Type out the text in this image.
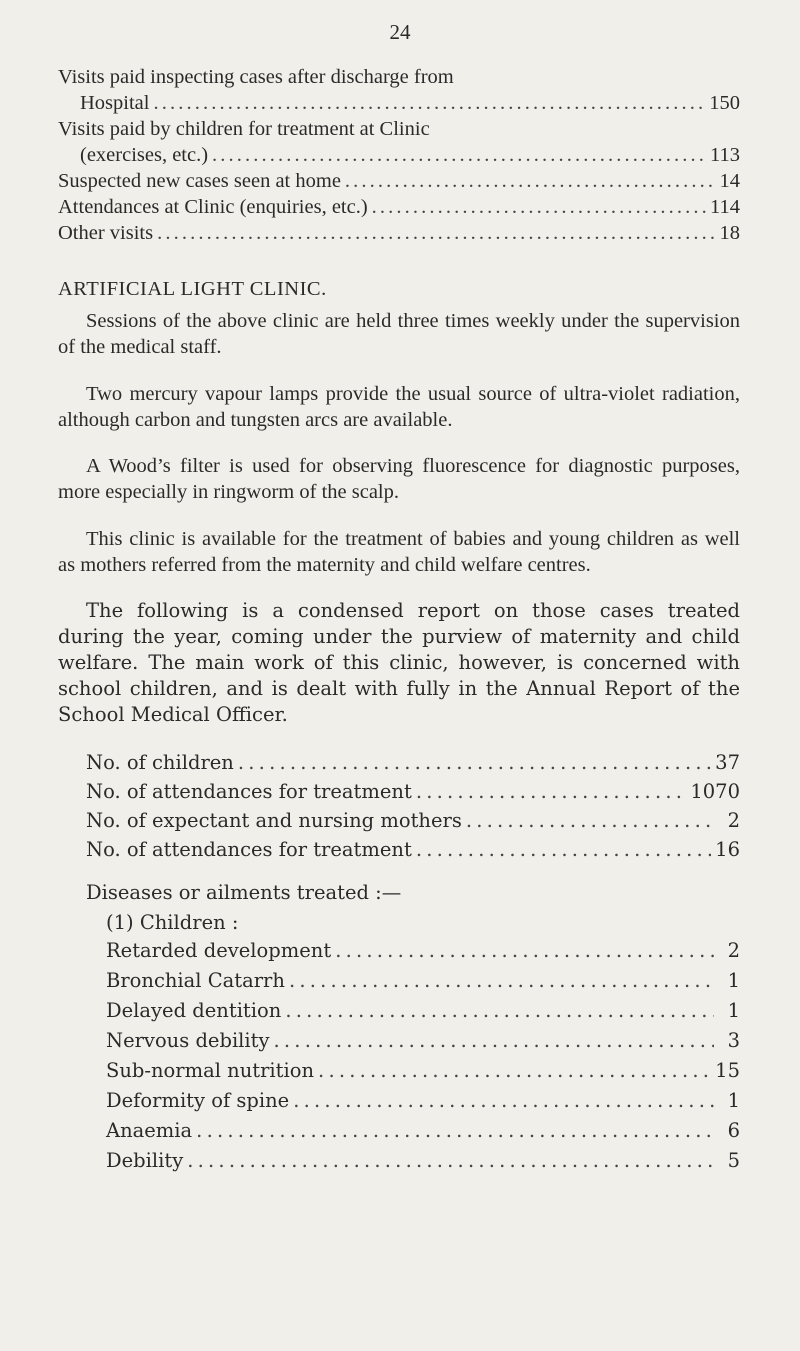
24
Visits paid inspecting cases after discharge from
Hospital . . .	150
Visits paid by children for treatment at Clinic
(exercises, etc.) . . .	113
Suspected new cases seen at home . . .	14
Attendances at Clinic (enquiries, etc.) . . .	114
Other visits . . .	18
ARTIFICIAL LIGHT CLINIC.

Sessions of the above clinic are held three times weekly under the supervision of the medical staff.

Two mercury vapour lamps provide the usual source of ultra-violet radiation, although carbon and tungsten arcs are available.

A Wood’s filter is used for observing fluorescence for diagnostic purposes, more especially in ringworm of the scalp.

This clinic is available for the treatment of babies and young children as well as mothers referred from the maternity and child welfare centres.

The following is a condensed report on those cases treated during the year, coming under the purview of maternity and child welfare. The main work of this clinic, however, is concerned with school children, and is dealt with fully in the Annual Report of the School Medical Officer.

No. of children . . .	37
No. of attendances for treatment . . .	1070
No. of expectant and nursing mothers . . .	2
No. of attendances for treatment . . .	16
Diseases or ailments treated :—
(1) Children :
Retarded development . . .	2
Bronchial Catarrh . . .	1
Delayed dentition . . .	1
Nervous debility . . .	3
Sub-normal nutrition . . .	15
Deformity of spine . . .	1
Anaemia . . .	6
Debility . . .	5
